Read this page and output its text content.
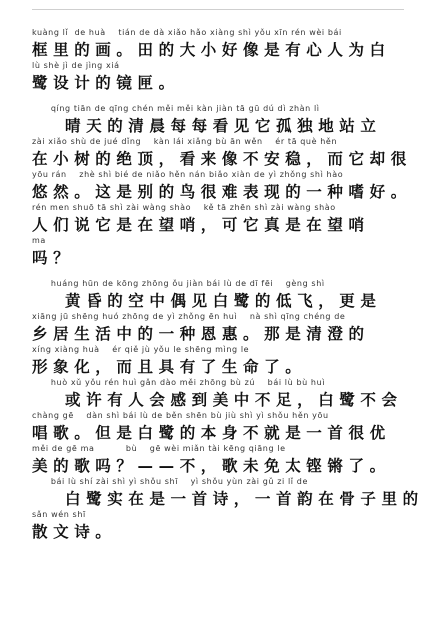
kuàng lǐ  de huà    tián de dà xiǎo hǎo xiàng shì yǒu xīn rén wèi bái
框里的画。田的大小好像是有心人为白
lù shè jì de jìng xiá
鹭设计的镜匣。
qíng tiān de qīng chén měi měi kàn jiàn tā gū dú dì zhàn lì
晴天的清晨每每看见它孤独地站立
zài xiǎo shù de jué dǐng    kàn lái xiǎng bù ān wěn    ér tā què hěn
在小树的绝顶，看来像不安稳，而它却很
yōu rán    zhè shì bié de niǎo hěn nán biǎo xiàn de yì zhǒng shì hào
悠然。这是别的鸟很难表现的一种嗜好。
rén men shuō tā shì zài wàng shào    kě tā zhēn shì zài wàng shào
人们说它是在望哨，可它真是在望哨
ma
吗？
huáng hūn de kōng zhōng ǒu jiàn bái lù de dī fēi    gèng shì
黄昏的空中偶见白鹭的低飞，更是
xiāng jū shēng huó zhōng de yì zhǒng ēn huì    nà shì qīng chéng de
乡居生活中的一种恩惠。那是清澄的
xíng xiàng huà    ér qiě jù yǒu le shēng mìng le
形象化，而且具有了生命了。
huò xǔ yǒu rén huì gǎn dào měi zhōng bù zú    bái lù bù huì
或许有人会感到美中不足，白鹭不会
chàng gē    dàn shì bái lù de běn shēn bù jiù shì yì shǒu hěn yōu
唱歌。但是白鹭的本身不就是一首很优
měi de gē ma          bù    gē wèi miǎn tài kēng qiāng le
美的歌吗？——不，歌未免太铿锵了。
bái lù shí zài shì yì shǒu shī    yì shǒu yùn zài gǔ zi lǐ de
白鹭实在是一首诗，一首韵在骨子里的
sǎn wén shī
散文诗。
